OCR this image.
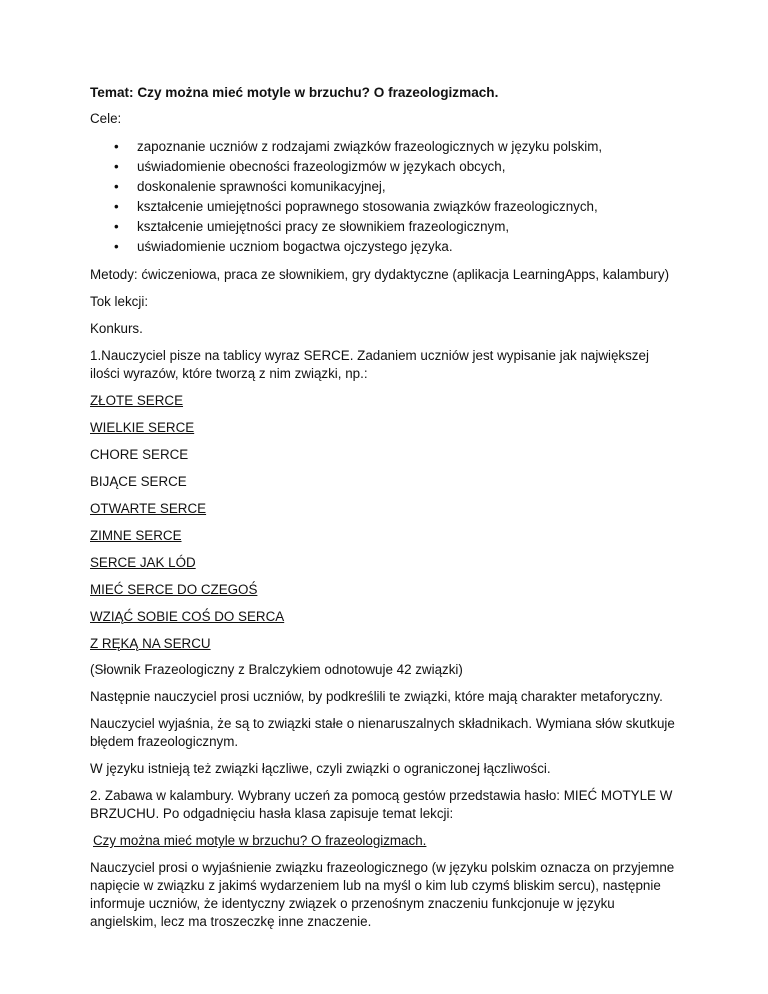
Temat: Czy można mieć motyle w brzuchu? O frazeologizmach.

Cele:

• zapoznanie uczniów z rodzajami związków frazeologicznych w języku polskim,
• uświadomienie obecności frazeologizmów w językach obcych,
• doskonalenie sprawności komunikacyjnej,
• kształcenie umiejętności poprawnego stosowania związków frazeologicznych,
• kształcenie umiejętności pracy ze słownikiem frazeologicznym,
• uświadomienie uczniom bogactwa ojczystego języka.

Metody: ćwiczeniowa, praca ze słownikiem, gry dydaktyczne (aplikacja LearningApps, kalambury)

Tok lekcji:

Konkurs.

1.Nauczyciel pisze na tablicy wyraz SERCE. Zadaniem uczniów jest wypisanie jak największej ilości wyrazów, które tworzą z nim związki, np.:

ZŁOTE SERCE

WIELKIE SERCE

CHORE SERCE

BIJĄCE SERCE

OTWARTE SERCE

ZIMNE SERCE

SERCE JAK LÓD

MIEĆ SERCE DO CZEGOŚ

WZIĄĆ SOBIE COŚ DO SERCA

Z RĘKĄ NA SERCU

(Słownik Frazeologiczny z Bralczykiem odnotowuje 42 związki)

Następnie nauczyciel prosi uczniów, by podkreślili te związki, które mają charakter metaforyczny.

Nauczyciel wyjaśnia, że są to związki stałe o nienaruszalnych składnikach. Wymiana słów skutkuje błędem frazeologicznym.

W języku istnieją też związki łączliwe, czyli związki o ograniczonej łączliwości.

2. Zabawa w kalambury. Wybrany uczeń za pomocą gestów przedstawia hasło: MIEĆ MOTYLE W BRZUCHU. Po odgadnięciu hasła klasa zapisuje temat lekcji:

Czy można mieć motyle w brzuchu? O frazeologizmach.

Nauczyciel prosi o wyjaśnienie związku frazeologicznego (w języku polskim oznacza on przyjemne napięcie w związku z jakimś wydarzeniem lub na myśl o kim lub czymś bliskim sercu), następnie informuje uczniów, że identyczny związek o przenośnym znaczeniu funkcjonuje w języku angielskim, lecz ma troszeczkę inne znaczenie.
